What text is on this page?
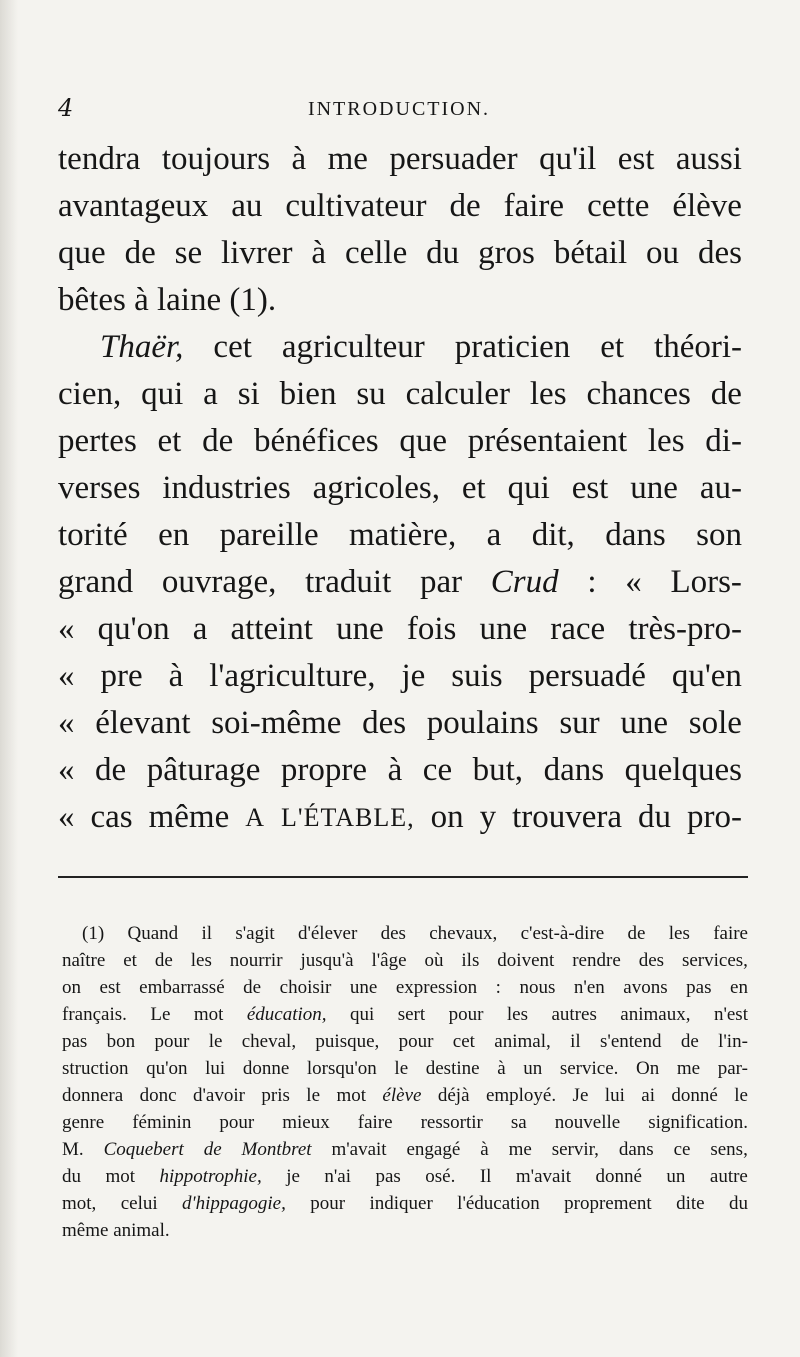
4	INTRODUCTION.
tendra toujours à me persuader qu'il est aussi
avantageux au cultivateur de faire cette élève
que de se livrer à celle du gros bétail ou des
bêtes
à
laine
(1).
Thaër, cet agriculteur praticien et théori-
cien, qui a si bien su calculer les chances de
pertes et de bénéfices que présentaient les di-
verses industries agricoles, et qui est une au-
torité en pareille matière, a dit, dans son
grand ouvrage, traduit par Crud : « Lors-
« qu'on a atteint une fois une race très-pro-
« pre à l'agriculture, je suis persuadé qu'en
« élevant soi-même des poulains sur une sole
« de pâturage propre à ce but, dans quelques
« cas même A L'ÉTABLE, on y trouvera du pro-
(1) Quand il s'agit d'élever des chevaux, c'est-à-dire de les faire
naître et de les nourrir jusqu'à l'âge où ils doivent rendre des services,
on est embarrassé de choisir une expression : nous n'en avons pas en
français. Le mot éducation, qui sert pour les autres animaux, n'est
pas bon pour le cheval, puisque, pour cet animal, il s'entend de l'in-
struction qu'on lui donne lorsqu'on le destine à un service. On me par-
donnera donc d'avoir pris le mot élève déjà employé. Je lui ai donné le
genre féminin pour mieux faire ressortir sa nouvelle signification.
M. Coquebert de Montbret m'avait engagé à me servir, dans ce sens,
du mot hippotrophie, je n'ai pas osé. Il m'avait donné un autre
mot, celui d'hippagogie, pour indiquer l'éducation proprement dite du
même
animal.
